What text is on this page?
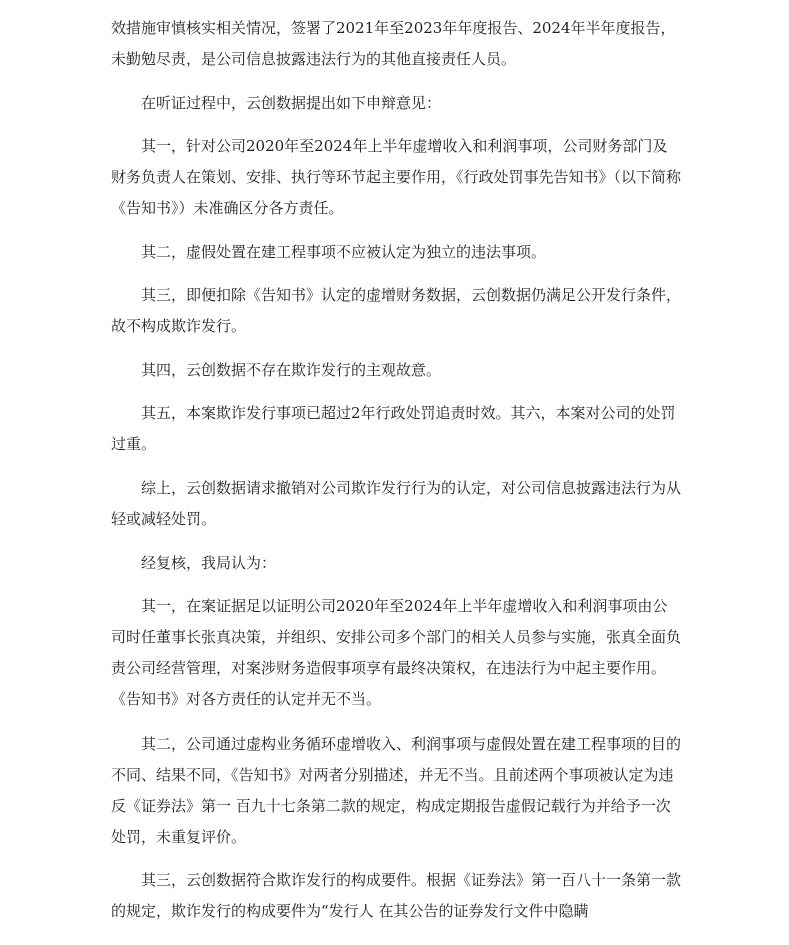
效措施审慎核实相关情况，签署了2021年至2023年年度报告、2024年半年度报告，未勤勉尽责，是公司信息披露违法行为的其他直接责任人员。

在听证过程中，云创数据提出如下申辩意见：

其一，针对公司2020年至2024年上半年虚增收入和利润事项，公司财务部门及财务负责人在策划、安排、执行等环节起主要作用，《行政处罚事先告知书》（以下简称《告知书》）未准确区分各方责任。

其二，虚假处置在建工程事项不应被认定为独立的违法事项。

其三，即便扣除《告知书》认定的虚增财务数据，云创数据仍满足公开发行条件，故不构成欺诈发行。

其四，云创数据不存在欺诈发行的主观故意。

其五，本案欺诈发行事项已超过2年行政处罚追责时效。其六，本案对公司的处罚过重。

综上，云创数据请求撤销对公司欺诈发行行为的认定，对公司信息披露违法行为从轻或减轻处罚。

经复核，我局认为：

其一，在案证据足以证明公司2020年至2024年上半年虚增收入和利润事项由公司时任董事长张真决策，并组织、安排公司多个部门的相关人员参与实施，张真全面负责公司经营管理，对案涉财务造假事项享有最终决策权，在违法行为中起主要作用。《告知书》对各方责任的认定并无不当。

其二，公司通过虚构业务循环虚增收入、利润事项与虚假处置在建工程事项的目的不同、结果不同，《告知书》对两者分别描述，并无不当。且前述两个事项被认定为违反《证券法》第一 百九十七条第二款的规定，构成定期报告虚假记载行为并给予一次处罚，未重复评价。

其三，云创数据符合欺诈发行的构成要件。根据《证券法》第一百八十一条第一款的规定，欺诈发行的构成要件为“发行人 在其公告的证券发行文件中隐瞒
